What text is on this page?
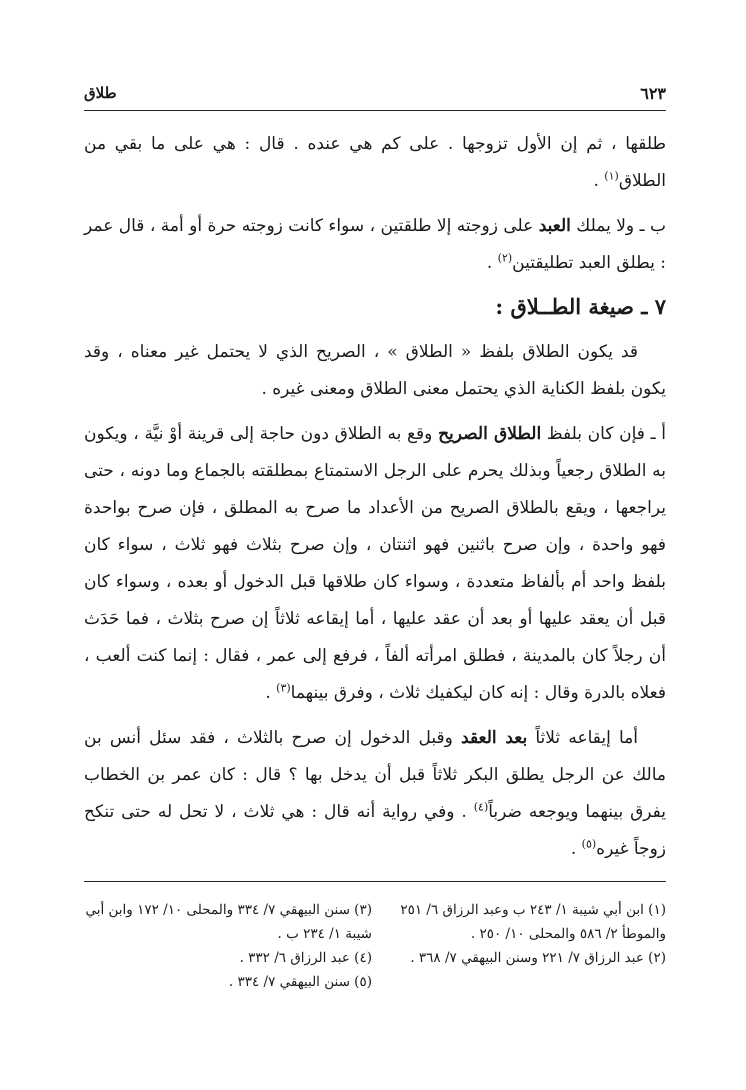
٦٢٣
طلاق

طلقها ، ثم إن الأول تزوجها . على كم هي عنده . قال : هي على ما بقي من الطلاق$^{(١)}$ .

ب ـ ولا يملك العبد على زوجته إلا طلقتين ، سواء كانت زوجته حرة أو أمة ، قال عمر : يطلق العبد تطليقتين$^{(٢)}$ .

٧ ـ صيغة الطــلاق :

قد يكون الطلاق بلفظ « الطلاق » ، الصريح الذي لا يحتمل غير معناه ، وقد يكون بلفظ الكناية الذي يحتمل معنى الطلاق ومعنى غيره .

أ ـ فإن كان بلفظ الطلاق الصريح وقع به الطلاق دون حاجة إلى قرينة أوْ نيَّة ، ويكون به الطلاق رجعياً وبذلك يحرم على الرجل الاستمتاع بمطلقته بالجماع وما دونه ، حتى يراجعها ، ويقع بالطلاق الصريح من الأعداد ما صرح به المطلق ، فإن صرح بواحدة فهو واحدة ، وإن صرح باثنين فهو اثنتان ، وإن صرح بثلاث فهو ثلاث ، سواء كان بلفظ واحد أم بألفاظ متعددة ، وسواء كان طلاقها قبل الدخول أو بعده ، وسواء كان قبل أن يعقد عليها أو بعد أن عقد عليها ، أما إيقاعه ثلاثاً إن صرح بثلاث ، فما حَدَث أن رجلاً كان بالمدينة ، فطلق امرأته ألفاً ، فرفع إلى عمر ، فقال : إنما كنت ألعب ، فعلاه بالدرة وقال : إنه كان ليكفيك ثلاث ، وفرق بينهما$^{(٣)}$ .

أما إيقاعه ثلاثاً بعد العقد وقبل الدخول إن صرح بالثلاث ، فقد سئل أنس بن مالك عن الرجل يطلق البكر ثلاثاً قبل أن يدخل بها ؟ قال : كان عمر بن الخطاب يفرق بينهما ويوجعه ضرباً$^{(٤)}$ . وفي رواية أنه قال : هي ثلاث ، لا تحل له حتى تنكح زوجاً غيره$^{(٥)}$ .

(١) ابن أبي شيبة ١/ ٢٤٣ ب وعبد الرزاق ٦/ ٢٥١ والموطأ ٢/ ٥٨٦ والمحلى ١٠/ ٢٥٠ .

(٢) عبد الرزاق ٧/ ٢٢١ وسنن البيهقي ٧/ ٣٦٨ .

(٣) سنن البيهقي ٧/ ٣٣٤ والمحلى ١٠/ ١٧٢ وابن أبي شيبة ١/ ٢٣٤ ب .

(٤) عبد الرزاق ٦/ ٣٣٢ .

(٥) سنن البيهقي ٧/ ٣٣٤ .
